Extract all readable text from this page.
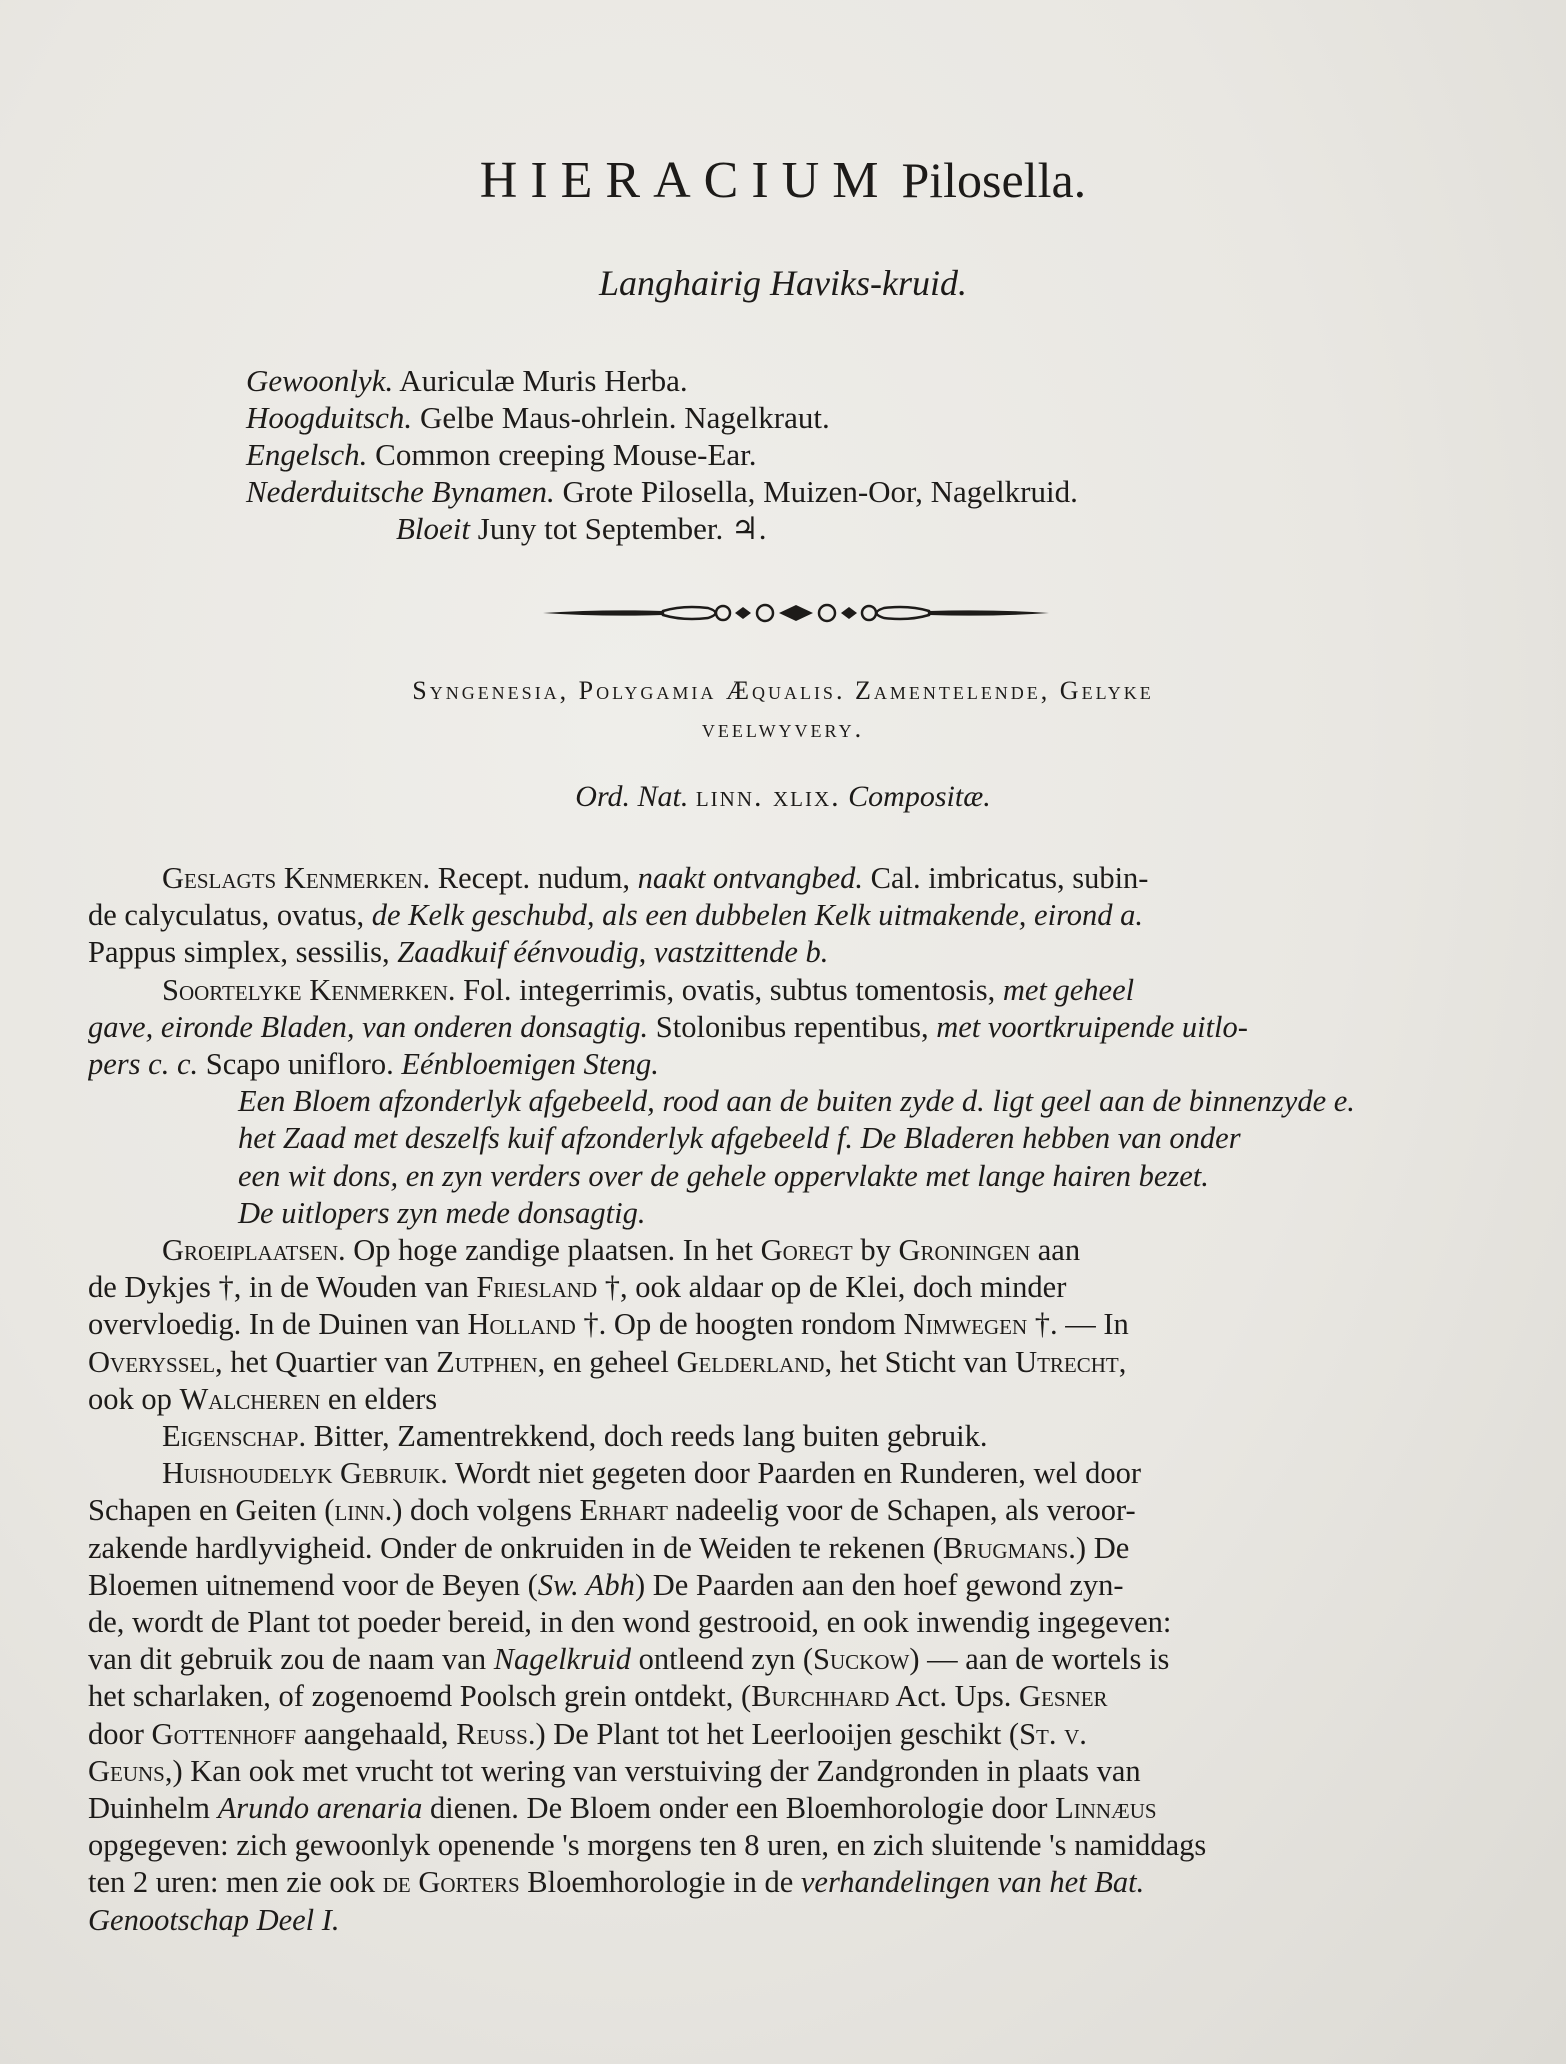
HIERACIUM Pilosella.
Langhairig Haviks-kruid.
Gewoonlyk. Auriculæ Muris Herba.
Hoogduitsch. Gelbe Maus-ohrlein. Nagelkraut.
Engelsch. Common creeping Mouse-Ear.
Nederduitsche Bynamen. Grote Pilosella, Muizen-Oor, Nagelkruid.
Bloeit Juny tot September. ♃.
Syngenesia, Polygamia Æqualis. Zamentelende, Gelyke
veelwyvery.
Ord. Nat. linn. xlix. Compositæ.
Geslagts Kenmerken. Recept. nudum, naakt ontvangbed. Cal. imbricatus, subin-
de calyculatus, ovatus, de Kelk geschubd, als een dubbelen Kelk uitmakende, eirond a.
Pappus simplex, sessilis, Zaadkuif éénvoudig, vastzittende b.
Soortelyke Kenmerken. Fol. integerrimis, ovatis, subtus tomentosis, met geheel
gave, eironde Bladen, van onderen donsagtig. Stolonibus repentibus, met voortkruipende uitlo-
pers c. c. Scapo unifloro. Eénbloemigen Steng.
Een Bloem afzonderlyk afgebeeld, rood aan de buiten zyde d. ligt geel aan de binnenzyde e.
het Zaad met deszelfs kuif afzonderlyk afgebeeld f. De Bladeren hebben van onder
een wit dons, en zyn verders over de gehele oppervlakte met lange hairen bezet.
De uitlopers zyn mede donsagtig.
Groeiplaatsen. Op hoge zandige plaatsen. In het Goregt by Groningen aan
de Dykjes †, in de Wouden van Friesland †, ook aldaar op de Klei, doch minder
overvloedig. In de Duinen van Holland †. Op de hoogten rondom Nimwegen †. — In
Overyssel, het Quartier van Zutphen, en geheel Gelderland, het Sticht van Utrecht,
ook op Walcheren en elders
Eigenschap. Bitter, Zamentrekkend, doch reeds lang buiten gebruik.
Huishoudelyk Gebruik. Wordt niet gegeten door Paarden en Runderen, wel door
Schapen en Geiten (linn.) doch volgens Erhart nadeelig voor de Schapen, als veroor-
zakende hardlyvigheid. Onder de onkruiden in de Weiden te rekenen (Brugmans.) De
Bloemen uitnemend voor de Beyen (Sw. Abh) De Paarden aan den hoef gewond zyn-
de, wordt de Plant tot poeder bereid, in den wond gestrooid, en ook inwendig ingegeven:
van dit gebruik zou de naam van Nagelkruid ontleend zyn (Suckow) — aan de wortels is
het scharlaken, of zogenoemd Poolsch grein ontdekt, (Burchhard Act. Ups. Gesner
door Gottenhoff aangehaald, Reuss.) De Plant tot het Leerlooijen geschikt (St. v.
Geuns,) Kan ook met vrucht tot wering van verstuiving der Zandgronden in plaats van
Duinhelm Arundo arenaria dienen. De Bloem onder een Bloemhorologie door Linnæus
opgegeven: zich gewoonlyk openende 's morgens ten 8 uren, en zich sluitende 's namiddags
ten 2 uren: men zie ook de Gorters Bloemhorologie in de verhandelingen van het Bat.
Genootschap Deel I.
